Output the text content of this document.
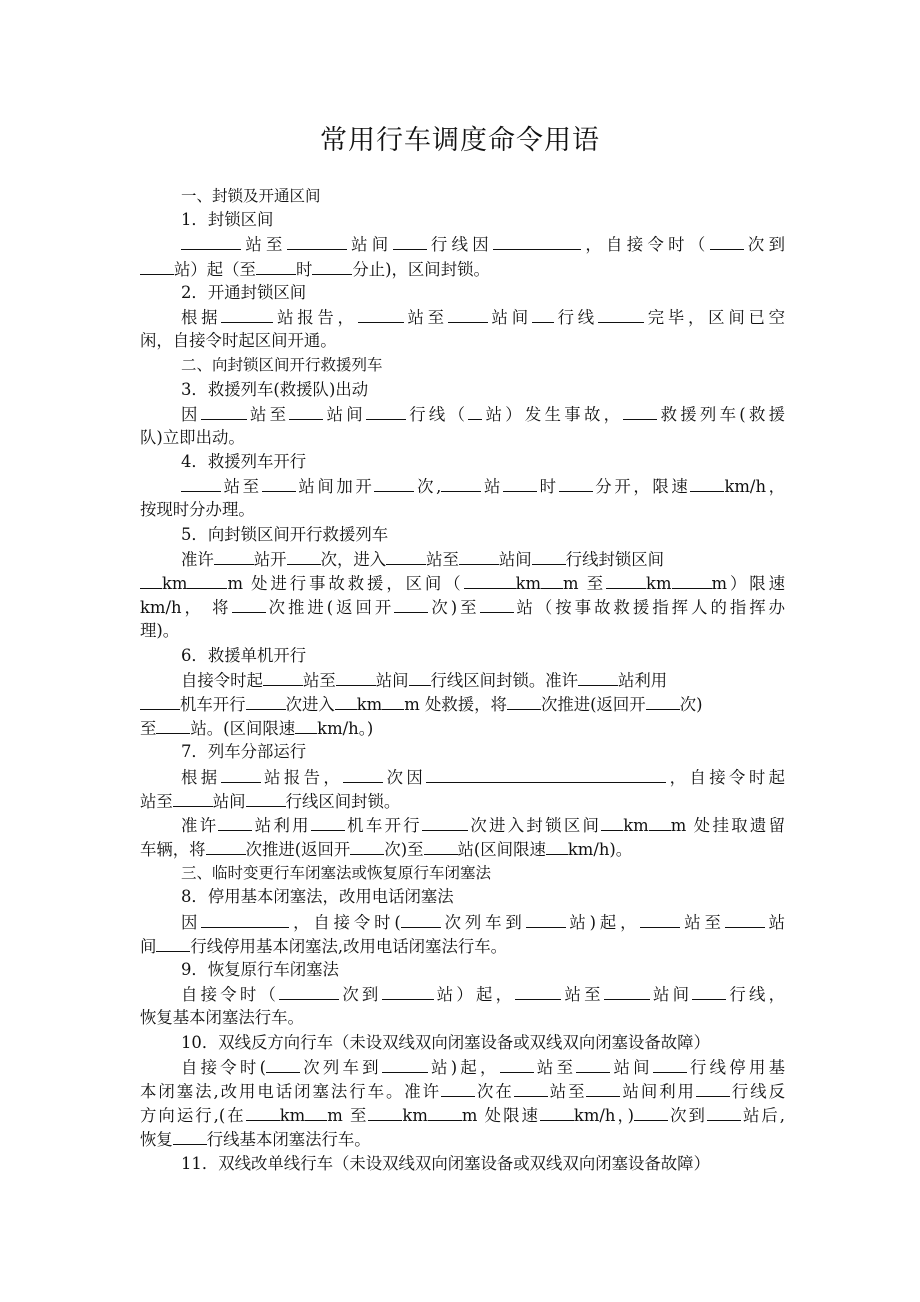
常用行车调度命令用语
一、封锁及开通区间
1．封锁区间
站至	站间 行线因	，自接令时（ 次到
站）起（至 时 分止)，区间封锁。
2．开通封锁区间
根据	站报告，	站至 站间 行线	完毕，区间已空
闲，自接令时起区间开通。
二、向封锁区间开行救援列车
3．救援列车(救援队)出动
因	站至 站间 行线（ 站）发生事故， 救援列车(救援
队)立即出动。
4．救援列车开行
站至 站间加开 次, 站 时 分开，限速 km/h，
按现时分办理。
5．向封锁区间开行救援列车
准许 站开 次，进入 站至 站间 行线封锁区间
km m 处进行事故救援，区间（	km m 至 km m）限速
km/h， 将 次推进(返回开 次)至 站（按事故救援指挥人的指挥办
理)。
6．救援单机开行
自接令时起 站至 站间 行线区间封锁。准许 站利用
机车开行 次进入 km m 处救援，将 次推进(返回开 次)
至 站。(区间限速 km/h。)
7．列车分部运行
根据 站报告， 次因	，自接令时起
站至 站间 行线区间封锁。
准许 站利用 机车开行	次进入封锁区间 km m 处挂取遗留
车辆，将 次推进(返回开 次)至 站(区间限速 km/h)。
三、临时变更行车闭塞法或恢复原行车闭塞法
8．停用基本闭塞法，改用电话闭塞法
因	，自接令时( 次列车到 站)起， 站至 站
间 行线停用基本闭塞法,改用电话闭塞法行车。
9．恢复原行车闭塞法
自接令时（	次到	站）起，	站至	站间 行线，
恢复基本闭塞法行车。
10．双线反方向行车（未设双线双向闭塞设备或双线双向闭塞设备故障）
自接令时( 次列车到	站)起， 站至 站间 行线停用基
本闭塞法,改用电话闭塞法行车。准许 次在 站至 站间利用 行线反
方向运行,(在 km m 至 km m 处限速 km/h，) 次到 站后,
恢复 行线基本闭塞法行车。
11．双线改单线行车（未设双线双向闭塞设备或双线双向闭塞设备故障）
